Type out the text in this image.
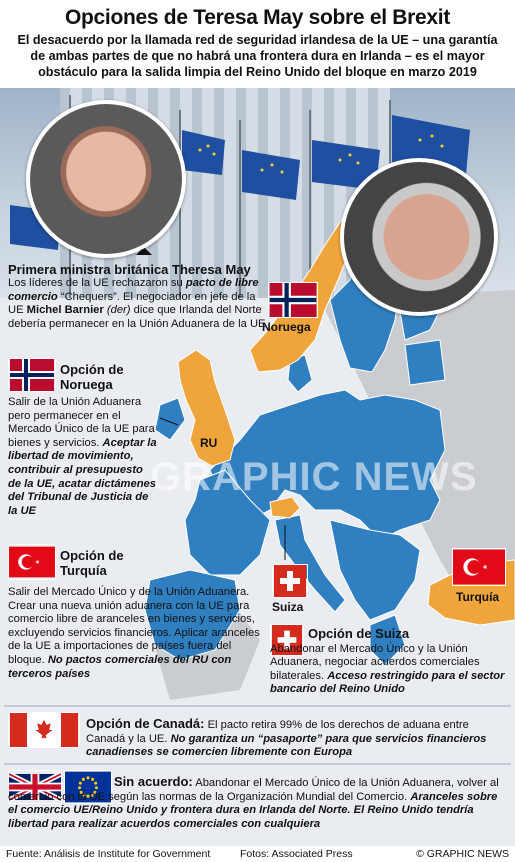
Opciones de Teresa May sobre el Brexit
El desacuerdo por la llamada red de seguridad irlandesa de la UE – una garantía de ambas partes de que no habrá una frontera dura en Irlanda – es el mayor obstáculo para la salida limpia del Reino Unido del bloque en marzo 2019
GRAPHIC NEWS
Noruega
RU
Suiza
Turquía
Primera ministra británica Theresa May
Los líderes de la UE rechazaron su pacto de libre comercio “Chequers”. El negociador en jefe de la UE Michel Barnier (der) dice que Irlanda del Norte debería permanecer en la Unión Aduanera de la UE
Opción de Noruega
Salir de la Unión Aduanera pero permanecer en el Mercado Único de la UE para bienes y servicios. Aceptar la libertad de movimiento, contribuir al presupuesto de la UE, acatar dictámenes del Tribunal de Justicia de la UE
Opción de Turquía
Salir del Mercado Único y de la Unión Aduanera. Crear una nueva unión aduanera con la UE para comercio libre de aranceles en bienes y servicios, excluyendo servicios financieros. Aplicar aranceles de la UE a importaciones de países fuera del bloque. No pactos comerciales del RU con terceros países
Opción de Suiza
Abandonar el Mercado Único y la Unión Aduanera, negociar acuerdos comerciales bilaterales. Acceso restringido para el sector bancario del Reino Unido
Opción de Canadá: El pacto retira 99% de los derechos de aduana entre Canadá y la UE. No garantiza un “pasaporte” para que servicios financieros canadienses se comercien libremente con Europa
Sin acuerdo: Abandonar el Mercado Único de la Unión Aduanera, volver al comercio con la UE según las normas de la Organización Mundial del Comercio. Aranceles sobre el comercio UE/Reino Unido y frontera dura en Irlanda del Norte. El Reino Unido tendría libertad para realizar acuerdos comerciales con cualquiera
Fuente: Análisis de Institute for Government	Fotos: Associated Press	© GRAPHIC NEWS
